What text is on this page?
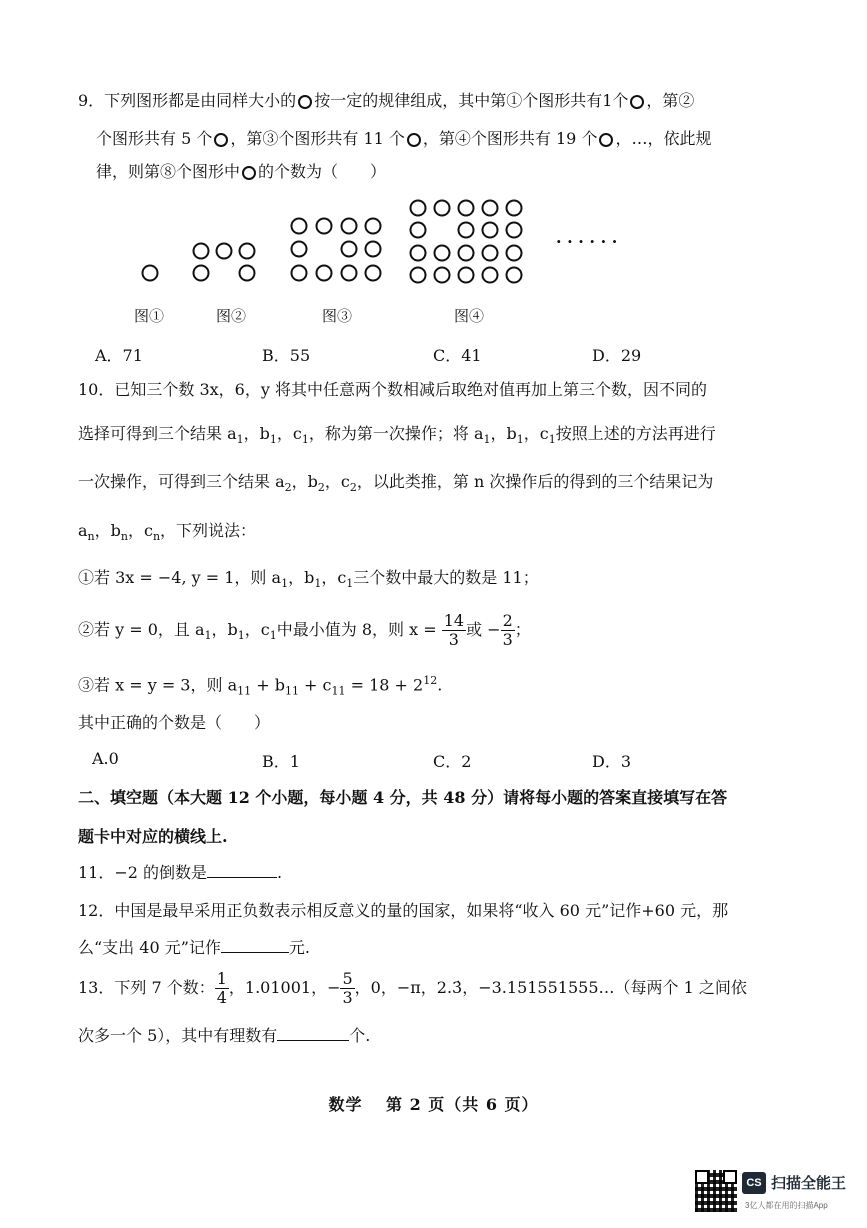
9．下列图形都是由同样大小的 按一定的规律组成，其中第①个图形共有1个 ，第②
个图形共有 5 个 ，第③个图形共有 11 个 ，第④个图形共有 19 个 ，…，依此规
律，则第⑧个图形中 的个数为（　　）
· · · · · ·
图①	图②	图③	图④
A．71	B．55	C．41	D．29
10．已知三个数 3x，6，y 将其中任意两个数相减后取绝对值再加上第三个数，因不同的
选择可得到三个结果 $a_1$，$b_1$，$c_1$，称为第一次操作；将 $a_1$，$b_1$，$c_1$按照上述的方法再进行
一次操作，可得到三个结果 $a_2$，$b_2$，$c_2$，以此类推，第 n 次操作后的得到的三个结果记为
$a_n$，$b_n$，$c_n$，下列说法：
①若 3x = −4, y = 1，则 $a_1$，$b_1$，$c_1$三个数中最大的数是 11；
②若 y = 0，且 $a_1$，$b_1$，$c_1$中最小值为 8，则 $x = \frac{14}{3}$ 或 − $\frac{2}{3}$ ；
③若 x = y = 3，则 $a_{11} + b_{11} + c_{11} = 18 + 2^{12}$.
其中正确的个数是（　　）
A.0	B．1	C．2	D．3
二、填空题（本大题 12 个小题，每小题 4 分，共 48 分）请将每小题的答案直接填写在答
题卡中对应的横线上.
11．−2 的倒数是	.
12．中国是最早采用正负数表示相反意义的量的国家，如果将“收入 60 元”记作+60 元，那
么“支出 40 元”记作	元.
13．下列 7 个数： $\frac{1}{4}$ ，1.01001，− $\frac{5}{3}$ ，0，−π，2.3̇，−3.151551555…（每两个 1 之间依
次多一个 5），其中有理数有	个.
数学　 第 2 页（共 6 页）
CS 扫描全能王
3亿人都在用的扫描App
